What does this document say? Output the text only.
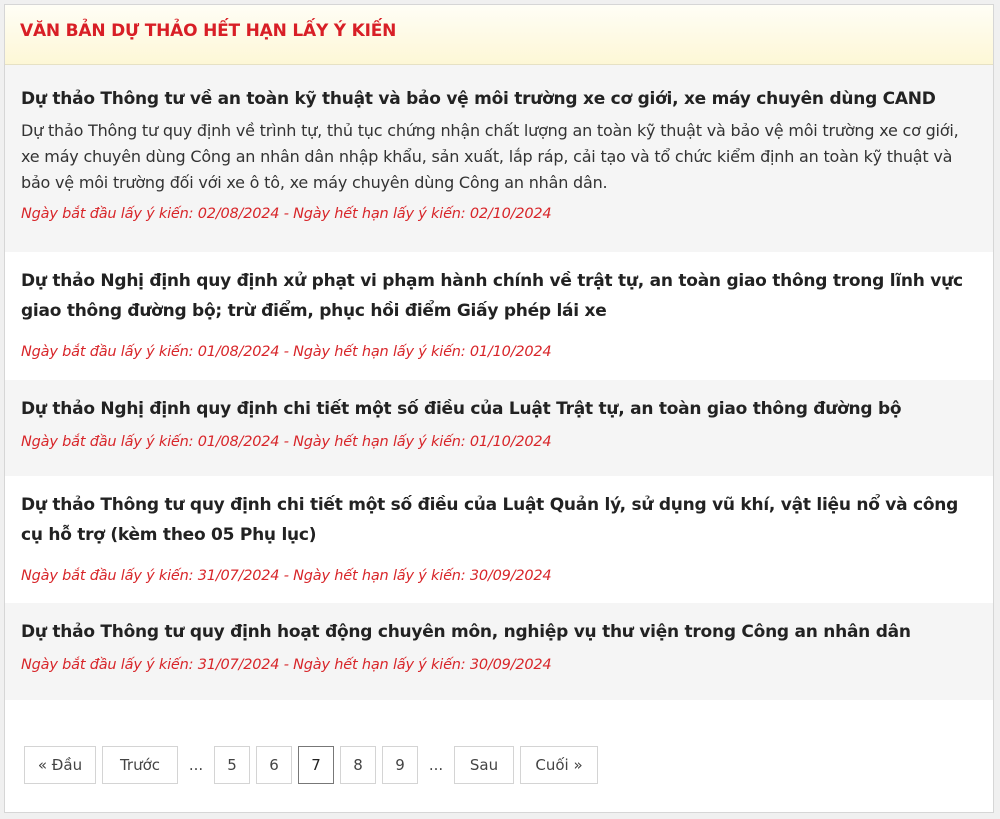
VĂN BẢN DỰ THẢO HẾT HẠN LẤY Ý KIẾN
Dự thảo Thông tư về an toàn kỹ thuật và bảo vệ môi trường xe cơ giới, xe máy chuyên dùng CAND
Dự thảo Thông tư quy định về trình tự, thủ tục chứng nhận chất lượng an toàn kỹ thuật và bảo vệ môi trường xe cơ giới, xe máy chuyên dùng Công an nhân dân nhập khẩu, sản xuất, lắp ráp, cải tạo và tổ chức kiểm định an toàn kỹ thuật và bảo vệ môi trường đối với xe ô tô, xe máy chuyên dùng Công an nhân dân.
Ngày bắt đầu lấy ý kiến: 02/08/2024 - Ngày hết hạn lấy ý kiến: 02/10/2024
Dự thảo Nghị định quy định xử phạt vi phạm hành chính về trật tự, an toàn giao thông trong lĩnh vực giao thông đường bộ; trừ điểm, phục hồi điểm Giấy phép lái xe
Ngày bắt đầu lấy ý kiến: 01/08/2024 - Ngày hết hạn lấy ý kiến: 01/10/2024
Dự thảo Nghị định quy định chi tiết một số điều của Luật Trật tự, an toàn giao thông đường bộ
Ngày bắt đầu lấy ý kiến: 01/08/2024 - Ngày hết hạn lấy ý kiến: 01/10/2024
Dự thảo Thông tư quy định chi tiết một số điều của Luật Quản lý, sử dụng vũ khí, vật liệu nổ và công cụ hỗ trợ (kèm theo 05 Phụ lục)
Ngày bắt đầu lấy ý kiến: 31/07/2024 - Ngày hết hạn lấy ý kiến: 30/09/2024
Dự thảo Thông tư quy định hoạt động chuyên môn, nghiệp vụ thư viện trong Công an nhân dân
Ngày bắt đầu lấy ý kiến: 31/07/2024 - Ngày hết hạn lấy ý kiến: 30/09/2024
« Đầu	Trước	...	5	6	7	8	9	...	Sau	Cuối »
